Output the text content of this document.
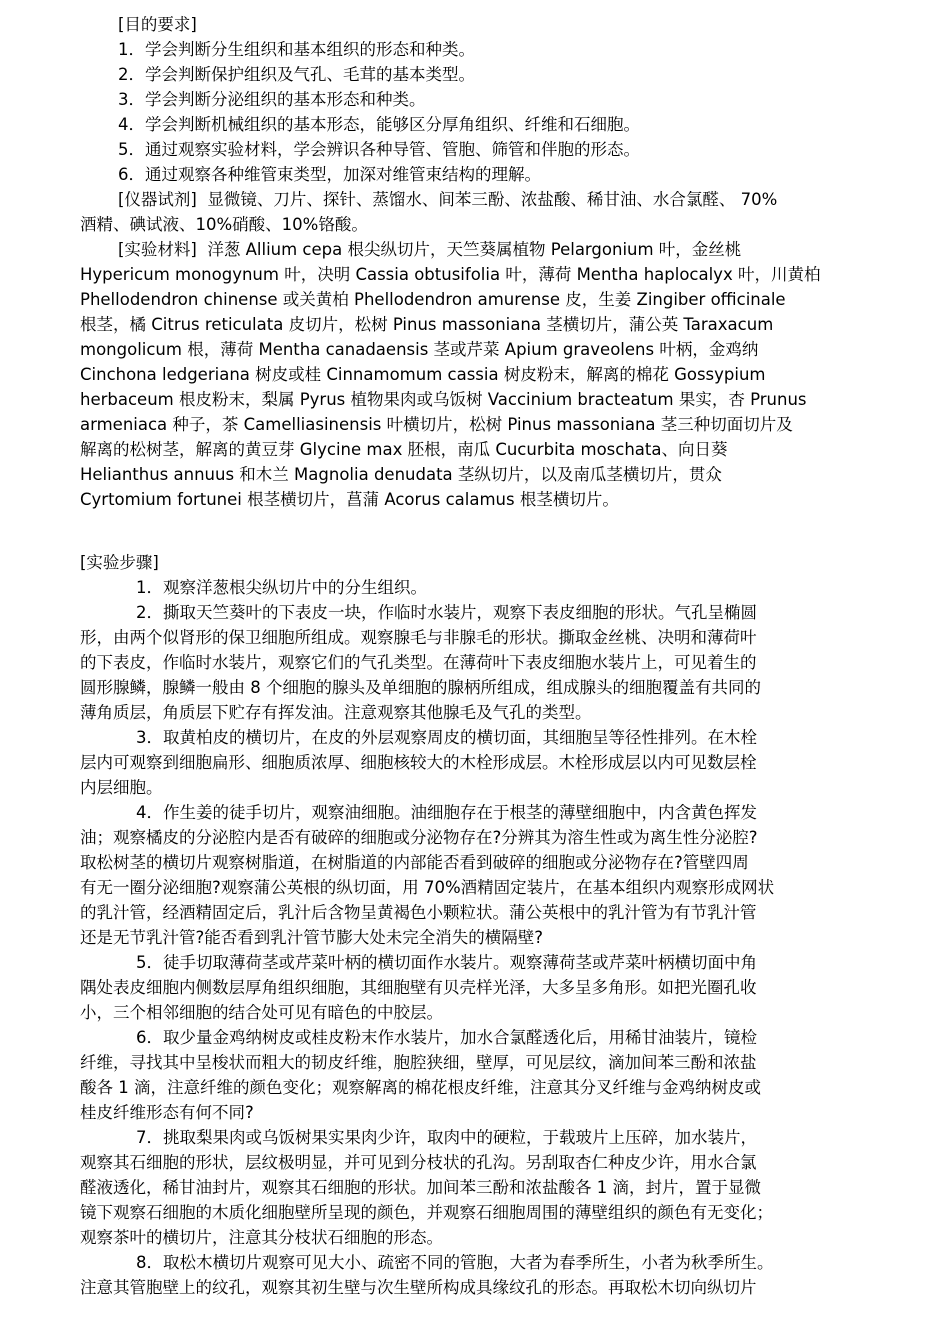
[目的要求]
1．学会判断分生组织和基本组织的形态和种类。
2．学会判断保护组织及气孔、毛茸的基本类型。
3．学会判断分泌组织的基本形态和种类。
4．学会判断机械组织的基本形态，能够区分厚角组织、纤维和石细胞。
5．通过观察实验材料，学会辨识各种导管、管胞、筛管和伴胞的形态。
6．通过观察各种维管束类型，加深对维管束结构的理解。
[仪器试剂]  显微镜、刀片、探针、蒸馏水、间苯三酚、浓盐酸、稀甘油、水合氯醛、 70%
酒精、碘试液、10%硝酸、10%铬酸。
[实验材料]  洋葱 Allium cepa 根尖纵切片，天竺葵属植物 Pelargonium 叶，金丝桃
Hypericum monogynum 叶，决明 Cassia obtusifolia 叶，薄荷 Mentha haplocalyx 叶，川黄柏
Phellodendron chinense 或关黄柏 Phellodendron amurense 皮，生姜 Zingiber officinale
根茎，橘 Citrus reticulata 皮切片，松树 Pinus massoniana 茎横切片，蒲公英 Taraxacum
mongolicum 根，薄荷 Mentha canadaensis 茎或芹菜 Apium graveolens 叶柄，金鸡纳
Cinchona ledgeriana 树皮或桂 Cinnamomum cassia 树皮粉末，解离的棉花 Gossypium
herbaceum 根皮粉末，梨属 Pyrus 植物果肉或乌饭树 Vaccinium bracteatum 果实，杏 Prunus
armeniaca 种子，茶 Camelliasinensis 叶横切片，松树 Pinus massoniana 茎三种切面切片及
解离的松树茎，解离的黄豆芽 Glycine max 胚根，南瓜 Cucurbita moschata、向日葵
Helianthus annuus 和木兰 Magnolia denudata 茎纵切片，以及南瓜茎横切片，贯众
Cyrtomium fortunei 根茎横切片，菖蒲 Acorus calamus 根茎横切片。
[实验步骤]
1．观察洋葱根尖纵切片中的分生组织。
2．撕取天竺葵叶的下表皮一块，作临时水装片，观察下表皮细胞的形状。气孔呈椭圆
形，由两个似肾形的保卫细胞所组成。观察腺毛与非腺毛的形状。撕取金丝桃、决明和薄荷叶
的下表皮，作临时水装片，观察它们的气孔类型。在薄荷叶下表皮细胞水装片上，可见着生的
圆形腺鳞，腺鳞一般由 8 个细胞的腺头及单细胞的腺柄所组成，组成腺头的细胞覆盖有共同的
薄角质层，角质层下贮存有挥发油。注意观察其他腺毛及气孔的类型。
3．取黄柏皮的横切片，在皮的外层观察周皮的横切面，其细胞呈等径性排列。在木栓
层内可观察到细胞扁形、细胞质浓厚、细胞核较大的木栓形成层。木栓形成层以内可见数层栓
内层细胞。
4．作生姜的徒手切片，观察油细胞。油细胞存在于根茎的薄壁细胞中，内含黄色挥发
油；观察橘皮的分泌腔内是否有破碎的细胞或分泌物存在?分辨其为溶生性或为离生性分泌腔?
取松树茎的横切片观察树脂道，在树脂道的内部能否看到破碎的细胞或分泌物存在?管壁四周
有无一圈分泌细胞?观察蒲公英根的纵切面，用 70%酒精固定装片，在基本组织内观察形成网状
的乳汁管，经酒精固定后，乳汁后含物呈黄褐色小颗粒状。蒲公英根中的乳汁管为有节乳汁管
还是无节乳汁管?能否看到乳汁管节膨大处未完全消失的横隔壁?
5．徒手切取薄荷茎或芹菜叶柄的横切面作水装片。观察薄荷茎或芹菜叶柄横切面中角
隅处表皮细胞内侧数层厚角组织细胞，其细胞壁有贝壳样光泽，大多呈多角形。如把光圈孔收
小，三个相邻细胞的结合处可见有暗色的中胶层。
6．取少量金鸡纳树皮或桂皮粉末作水装片，加水合氯醛透化后，用稀甘油装片，镜检
纤维，寻找其中呈梭状而粗大的韧皮纤维，胞腔狭细，壁厚，可见层纹，滴加间苯三酚和浓盐
酸各 1 滴，注意纤维的颜色变化；观察解离的棉花根皮纤维，注意其分叉纤维与金鸡纳树皮或
桂皮纤维形态有何不同?
7．挑取梨果肉或乌饭树果实果肉少许，取肉中的硬粒，于载玻片上压碎，加水装片，
观察其石细胞的形状，层纹极明显，并可见到分枝状的孔沟。另刮取杏仁种皮少许，用水合氯
醛液透化，稀甘油封片，观察其石细胞的形状。加间苯三酚和浓盐酸各 1 滴，封片，置于显微
镜下观察石细胞的木质化细胞壁所呈现的颜色，并观察石细胞周围的薄壁组织的颜色有无变化；
观察茶叶的横切片，注意其分枝状石细胞的形态。
8．取松木横切片观察可见大小、疏密不同的管胞，大者为春季所生，小者为秋季所生。
注意其管胞壁上的纹孔，观察其初生壁与次生壁所构成具缘纹孔的形态。再取松木切向纵切片
